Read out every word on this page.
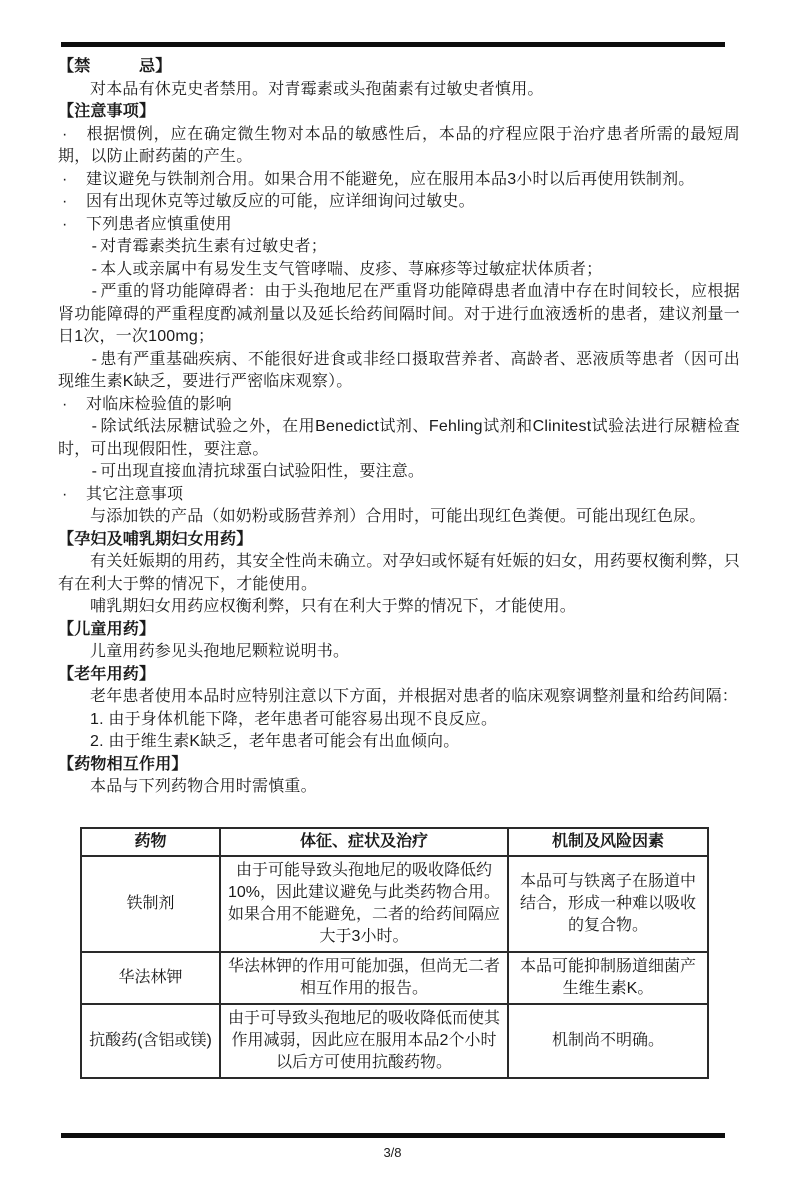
【禁　　　忌】

对本品有休克史者禁用。对青霉素或头孢菌素有过敏史者慎用。

【注意事项】

· 根据惯例，应在确定微生物对本品的敏感性后，本品的疗程应限于治疗患者所需的最短周期，以防止耐药菌的产生。

· 建议避免与铁制剂合用。如果合用不能避免，应在服用本品3小时以后再使用铁制剂。

· 因有出现休克等过敏反应的可能，应详细询问过敏史。

· 下列患者应慎重使用

- 对青霉素类抗生素有过敏史者；

- 本人或亲属中有易发生支气管哮喘、皮疹、荨麻疹等过敏症状体质者；

- 严重的肾功能障碍者：由于头孢地尼在严重肾功能障碍患者血清中存在时间较长，应根据肾功能障碍的严重程度酌减剂量以及延长给药间隔时间。对于进行血液透析的患者，建议剂量一日1次，一次100mg；

- 患有严重基础疾病、不能很好进食或非经口摄取营养者、高龄者、恶液质等患者（因可出现维生素K缺乏，要进行严密临床观察）。

· 对临床检验值的影响

- 除试纸法尿糖试验之外，在用Benedict试剂、Fehling试剂和Clinitest试验法进行尿糖检查时，可出现假阳性，要注意。

- 可出现直接血清抗球蛋白试验阳性，要注意。

· 其它注意事项

与添加铁的产品（如奶粉或肠营养剂）合用时，可能出现红色粪便。可能出现红色尿。

【孕妇及哺乳期妇女用药】

有关妊娠期的用药，其安全性尚未确立。对孕妇或怀疑有妊娠的妇女，用药要权衡利弊，只有在利大于弊的情况下，才能使用。

哺乳期妇女用药应权衡利弊，只有在利大于弊的情况下，才能使用。

【儿童用药】

儿童用药参见头孢地尼颗粒说明书。

【老年用药】

老年患者使用本品时应特别注意以下方面，并根据对患者的临床观察调整剂量和给药间隔：

1. 由于身体机能下降，老年患者可能容易出现不良反应。

2. 由于维生素K缺乏，老年患者可能会有出血倾向。

【药物相互作用】

本品与下列药物合用时需慎重。

药物	体征、症状及治疗	机制及风险因素
铁制剂	由于可能导致头孢地尼的吸收降低约10%，因此建议避免与此类药物合用。如果合用不能避免，二者的给药间隔应大于3小时。	本品可与铁离子在肠道中结合，形成一种难以吸收的复合物。
华法林钾	华法林钾的作用可能加强，但尚无二者相互作用的报告。	本品可能抑制肠道细菌产生维生素K。
抗酸药(含铝或镁)	由于可导致头孢地尼的吸收降低而使其作用减弱，因此应在服用本品2个小时以后方可使用抗酸药物。	机制尚不明确。
3/8
